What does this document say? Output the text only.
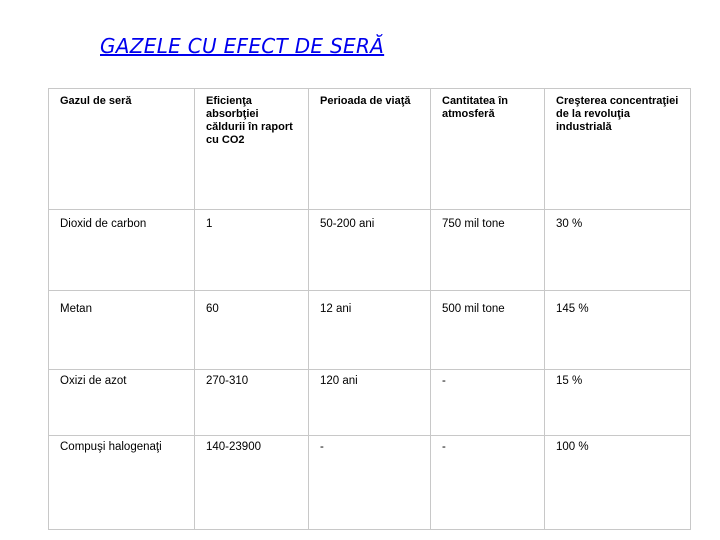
GAZELE CU EFECT DE SERĂ
Gazul de seră	Eficienţa absorbţiei căldurii în raport cu CO2	Perioada de viaţă	Cantitatea în atmosferă	Creşterea concentraţiei de la revoluţia industrială
Dioxid de carbon	1	50-200 ani	750 mil tone	30 %
Metan	60	12 ani	500 mil tone	145 %
Oxizi de azot	270-310	120 ani	-	15 %
Compuşi halogenaţi	140-23900	-	-	100 %
